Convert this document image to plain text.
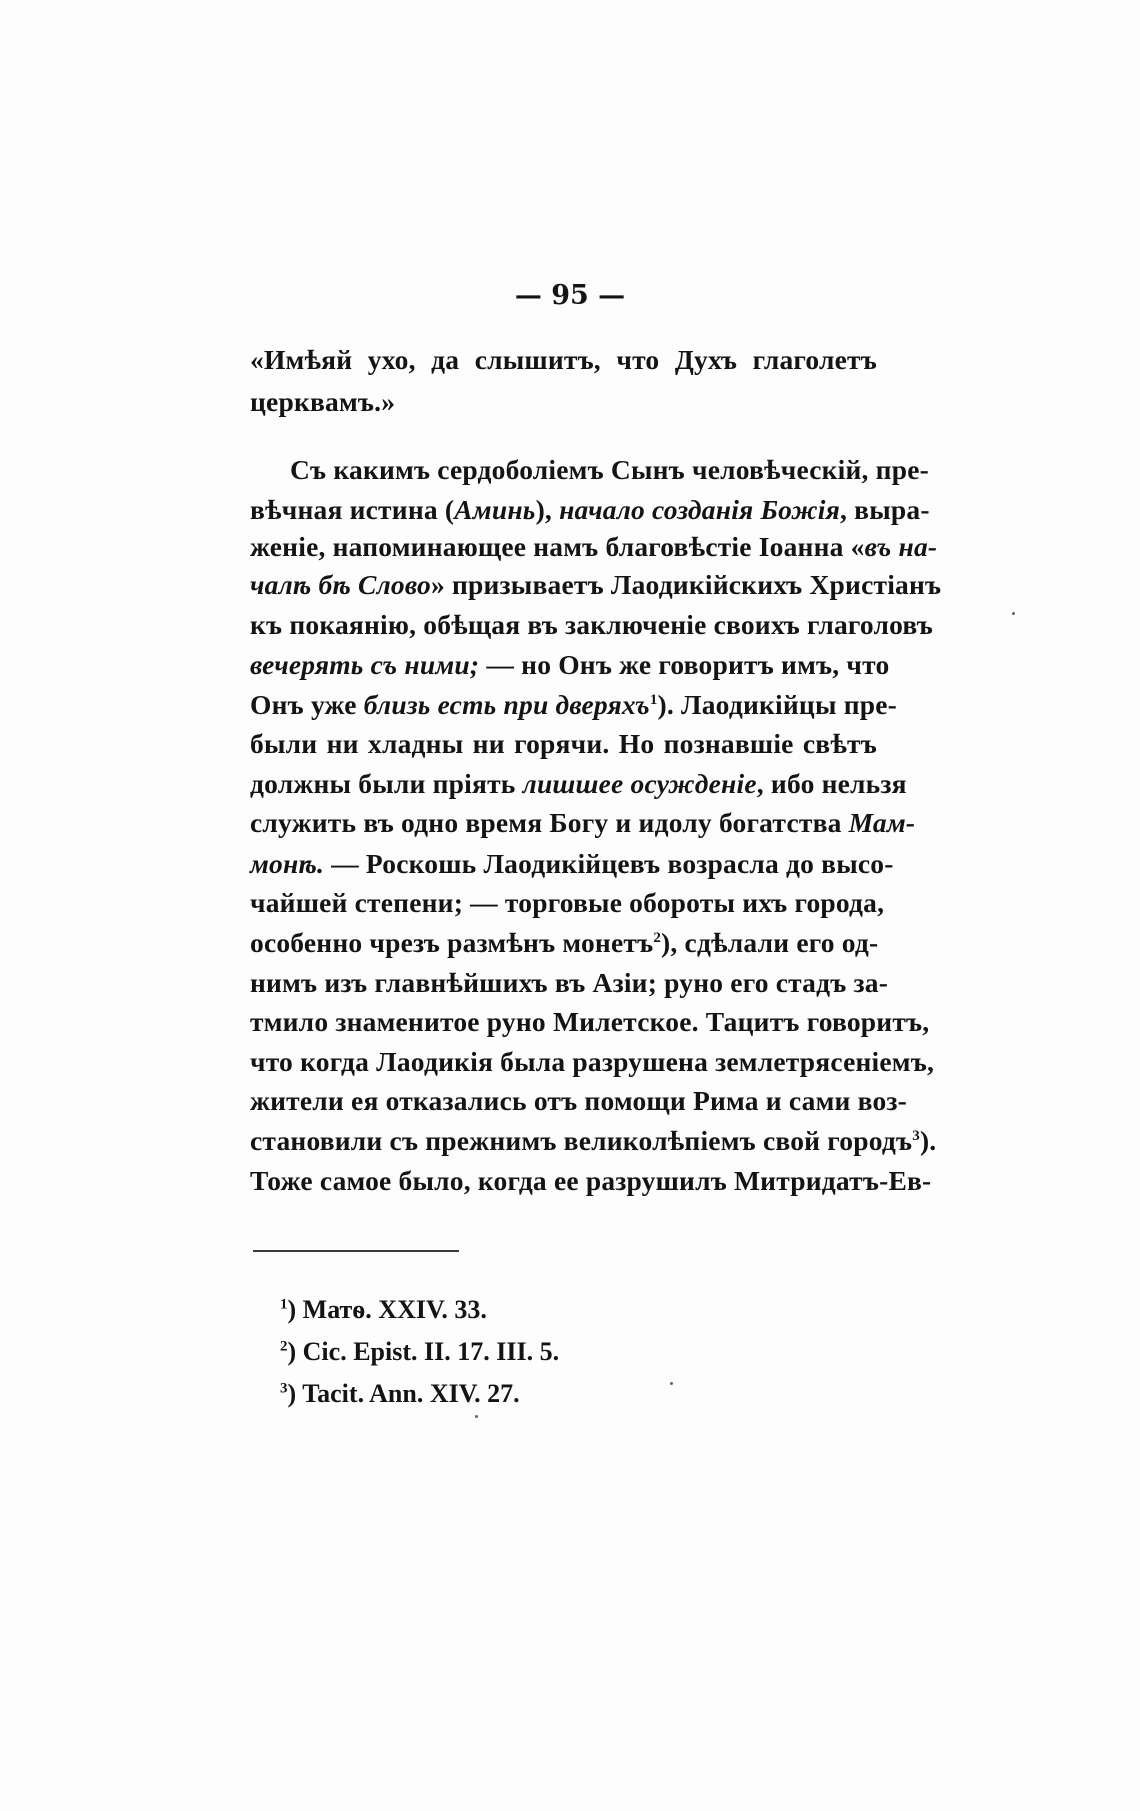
— 95 —
«Имѣяй ухо, да слышитъ, что Духъ глаголетъ
церквамъ.»
Съ какимъ сердоболіемъ Сынъ человѣческій, пре-
вѣчная истина (Аминь), начало созданія Божія, выра-
женіе, напоминающее намъ благовѣстіе Іоанна «въ на-
чалѣ бѣ Слово» призываетъ Лаодикійскихъ Христіанъ
къ покаянію, обѣщая въ заключеніе своихъ глаголовъ
вечерять съ ними; — но Онъ же говоритъ имъ, что
Онъ уже близь есть при дверяхъ$^1$). Лаодикійцы пре-
были ни хладны ни горячи. Но познавшіе свѣтъ
должны были пріять лишшее осужденіе, ибо нельзя
служить въ одно время Богу и идолу богатства Мам-
монѣ. — Роскошь Лаодикійцевъ возрасла до высо-
чайшей степени; — торговые обороты ихъ города,
особенно чрезъ размѣнъ монетъ$^2$), сдѣлали его од-
нимъ изъ главнѣйшихъ въ Азіи; руно его стадъ за-
тмило знаменитое руно Милетское. Тацитъ говоритъ,
что когда Лаодикія была разрушена землетрясеніемъ,
жители ея отказались отъ помощи Рима и сами воз-
становили съ прежнимъ великолѣпіемъ свой городъ$^3$).
Тоже самое было, когда ее разрушилъ Митридатъ-Ев-
$^1$) Матѳ. XXIV. 33.
$^2$) Cic. Epist. II. 17. III. 5.
$^3$) Tacit. Ann. XIV. 27.
